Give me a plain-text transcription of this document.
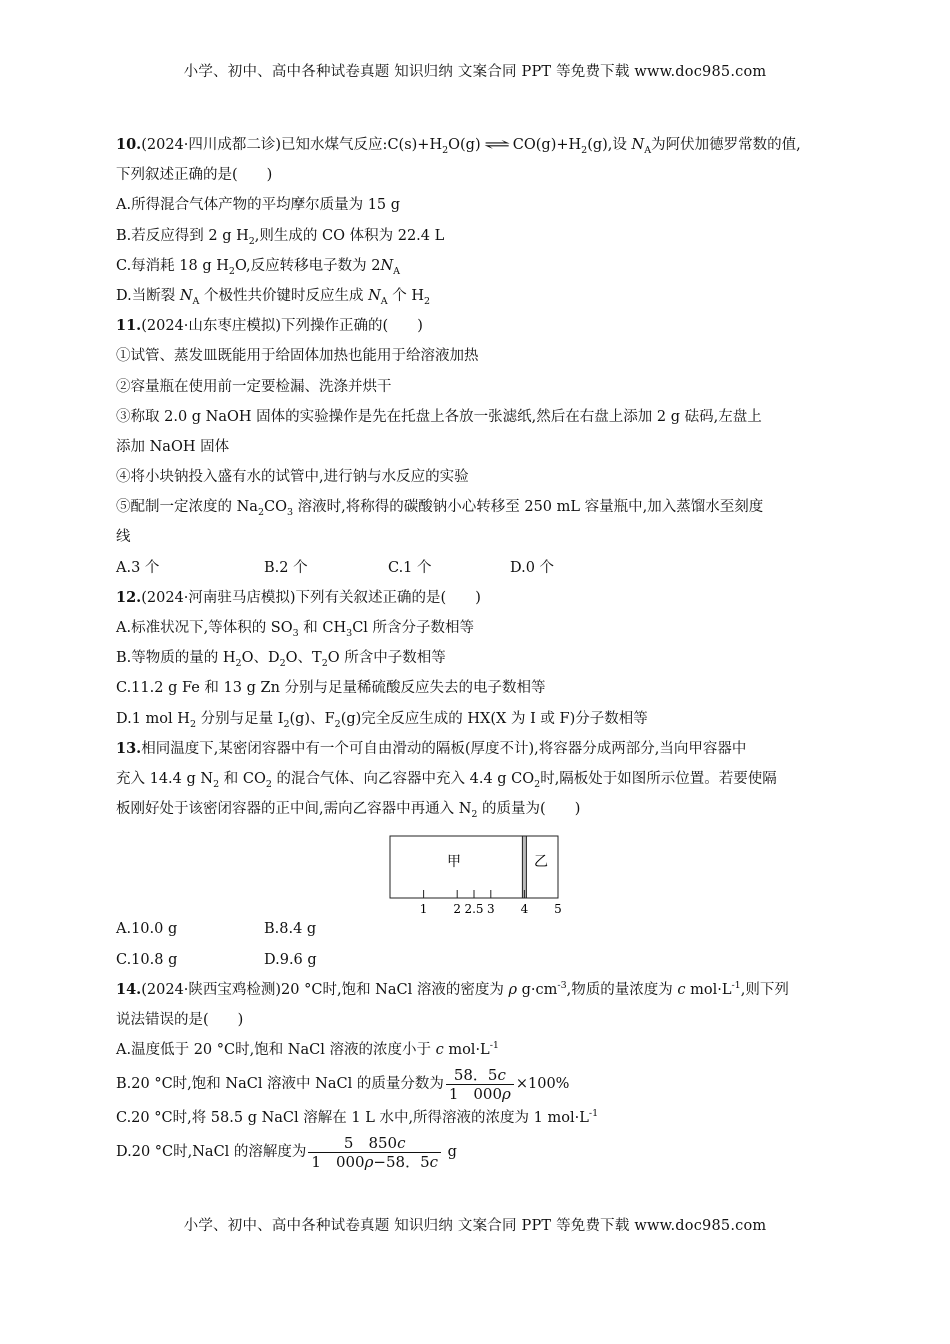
小学、初中、高中各种试卷真题 知识归纳 文案合同 PPT 等免费下载 www.doc985.com
10.(2024·四川成都二诊)已知水煤气反应$:C(s)+H_2O(g)$ ⇌ $CO(g)+H_2(g)$,设 $N_A$为阿伏加德罗常数的值,
下列叙述正确的是(　　)
A.所得混合气体产物的平均摩尔质量为 15 g
B.若反应得到 2 g $H_2$,则生成的 CO 体积为 22.4 L
C.每消耗 18 g $H_2O$,反应转移电子数为 $2N_A$
D.当断裂 $N_A$ 个极性共价键时反应生成 $N_A$ 个 $H_2$
11.(2024·山东枣庄模拟)下列操作正确的(　　)
①试管、蒸发皿既能用于给固体加热也能用于给溶液加热
②容量瓶在使用前一定要检漏、洗涤并烘干
③称取 2.0 g NaOH 固体的实验操作是先在托盘上各放一张滤纸,然后在右盘上添加 2 g 砝码,左盘上
添加 NaOH 固体
④将小块钠投入盛有水的试管中,进行钠与水反应的实验
⑤配制一定浓度的 $Na_2CO_3$ 溶液时,将称得的碳酸钠小心转移至 250 mL 容量瓶中,加入蒸馏水至刻度
线
A.3 个	B.2 个	C.1 个	D.0 个
12.(2024·河南驻马店模拟)下列有关叙述正确的是(　　)
A.标准状况下,等体积的 $SO_3$ 和 $CH_3Cl$ 所含分子数相等
B.等物质的量的 $H_2O$、$D_2O$、$T_2O$ 所含中子数相等
C.11.2 g Fe 和 13 g Zn 分别与足量稀硫酸反应失去的电子数相等
D.1 mol $H_2$ 分别与足量 $I_2(g)$、$F_2(g)$完全反应生成的 HX(X 为 I 或 F)分子数相等
13.相同温度下,某密闭容器中有一个可自由滑动的隔板(厚度不计),将容器分成两部分,当向甲容器中
充入 14.4 g $N_2$ 和 $CO_2$ 的混合气体、向乙容器中充入 4.4 g $CO_2$时,隔板处于如图所示位置。若要使隔
板刚好处于该密闭容器的正中间,需向乙容器中再通入 $N_2$ 的质量为(　　)
甲	乙
1 2 2.5 3 4 5
A.10.0 g	B.8.4 g
C.10.8 g	D.9.6 g
14.(2024·陕西宝鸡检测)20 °C时,饱和 NaCl 溶液的密度为 ρ $g\cdot cm^{-3}$,物质的量浓度为 c $mol\cdot L^{-1}$,则下列
说法错误的是(　　)
A.温度低于 20 °C时,饱和 NaCl 溶液的浓度小于 c $mol\cdot L^{-1}$
B.20 °C时,饱和 NaCl 溶液中 NaCl 的质量分数为 $\frac{58.5c}{1 000\rho} \times 100\%$
C.20 °C时,将 58.5 g NaCl 溶解在 1 L 水中,所得溶液的浓度为 1 $mol\cdot L^{-1}$
D.20 °C时,NaCl 的溶解度为 $\frac{5 850c}{1 000\rho-58.5c}$ g
小学、初中、高中各种试卷真题 知识归纳 文案合同 PPT 等免费下载 www.doc985.com
